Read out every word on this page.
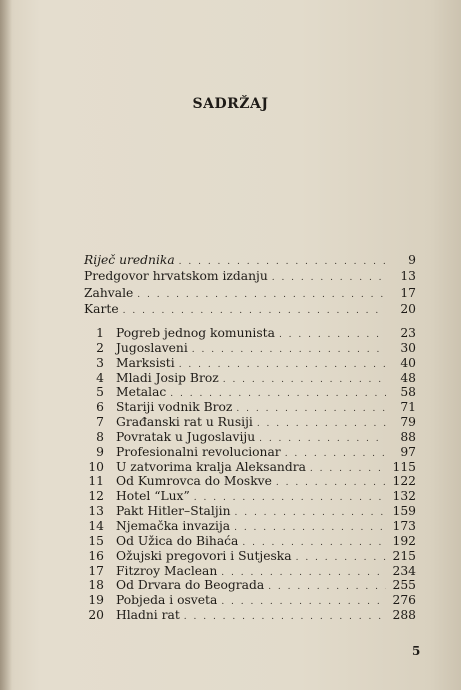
SADRŽAJ
Riječ urednika . . .	9
Predgovor hrvatskom izdanju . . .	13
Zahvale . . .	17
Karte . . .	20
1 Pogreb jednog komunista . . .	23
2 Jugoslaveni . . .	30
3 Marksisti . . .	40
4 Mladi Josip Broz . . .	48
5 Metalac . . .	58
6 Stariji vodnik Broz . . .	71
7 Građanski rat u Rusiji . . .	79
8 Povratak u Jugoslaviju . . .	88
9 Profesionalni revolucionar . . .	97
10 U zatvorima kralja Aleksandra . . .	115
11 Od Kumrovca do Moskve . . .	122
12 Hotel “Lux” . . .	132
13 Pakt Hitler–Staljin . . .	159
14 Njemačka invazija . . .	173
15 Od Užica do Bihaća . . .	192
16 Ožujski pregovori i Sutjeska . . .	215
17 Fitzroy Maclean . . .	234
18 Od Drvara do Beograda . . .	255
19 Pobjeda i osveta . . .	276
20 Hladni rat . . .	288
5
